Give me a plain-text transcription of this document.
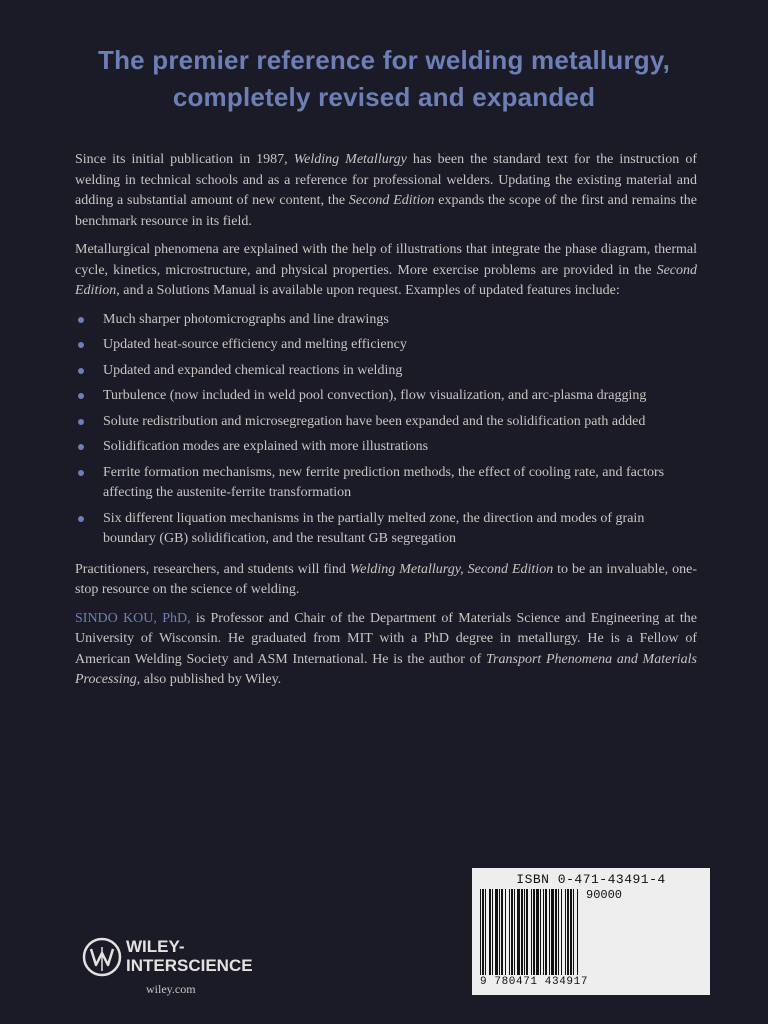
The premier reference for welding metallurgy,
completely revised and expanded

Since its initial publication in 1987, Welding Metallurgy has been the standard text for the instruction of welding in technical schools and as a reference for professional welders. Updating the existing material and adding a substantial amount of new content, the Second Edition expands the scope of the first and remains the benchmark resource in its field.

Metallurgical phenomena are explained with the help of illustrations that integrate the phase diagram, thermal cycle, kinetics, microstructure, and physical properties. More exercise problems are provided in the Second Edition, and a Solutions Manual is available upon request. Examples of updated features include:

Much sharper photomicrographs and line drawings
Updated heat-source efficiency and melting efficiency
Updated and expanded chemical reactions in welding
Turbulence (now included in weld pool convection), flow visualization, and arc-plasma dragging
Solute redistribution and microsegregation have been expanded and the solidification path added
Solidification modes are explained with more illustrations
Ferrite formation mechanisms, new ferrite prediction methods, the effect of cooling rate, and factors affecting the austenite-ferrite transformation
Six different liquation mechanisms in the partially melted zone, the direction and modes of grain boundary (GB) solidification, and the resultant GB segregation

Practitioners, researchers, and students will find Welding Metallurgy, Second Edition to be an invaluable, one-stop resource on the science of welding.

SINDO KOU, PhD, is Professor and Chair of the Department of Materials Science and Engineering at the University of Wisconsin. He graduated from MIT with a PhD degree in metallurgy. He is a Fellow of American Welding Society and ASM International. He is the author of Transport Phenomena and Materials Processing, also published by Wiley.

ISBN 0-471-43491-4
90000
9 780471 434917
WILEY-
INTERSCIENCE
wiley.com
